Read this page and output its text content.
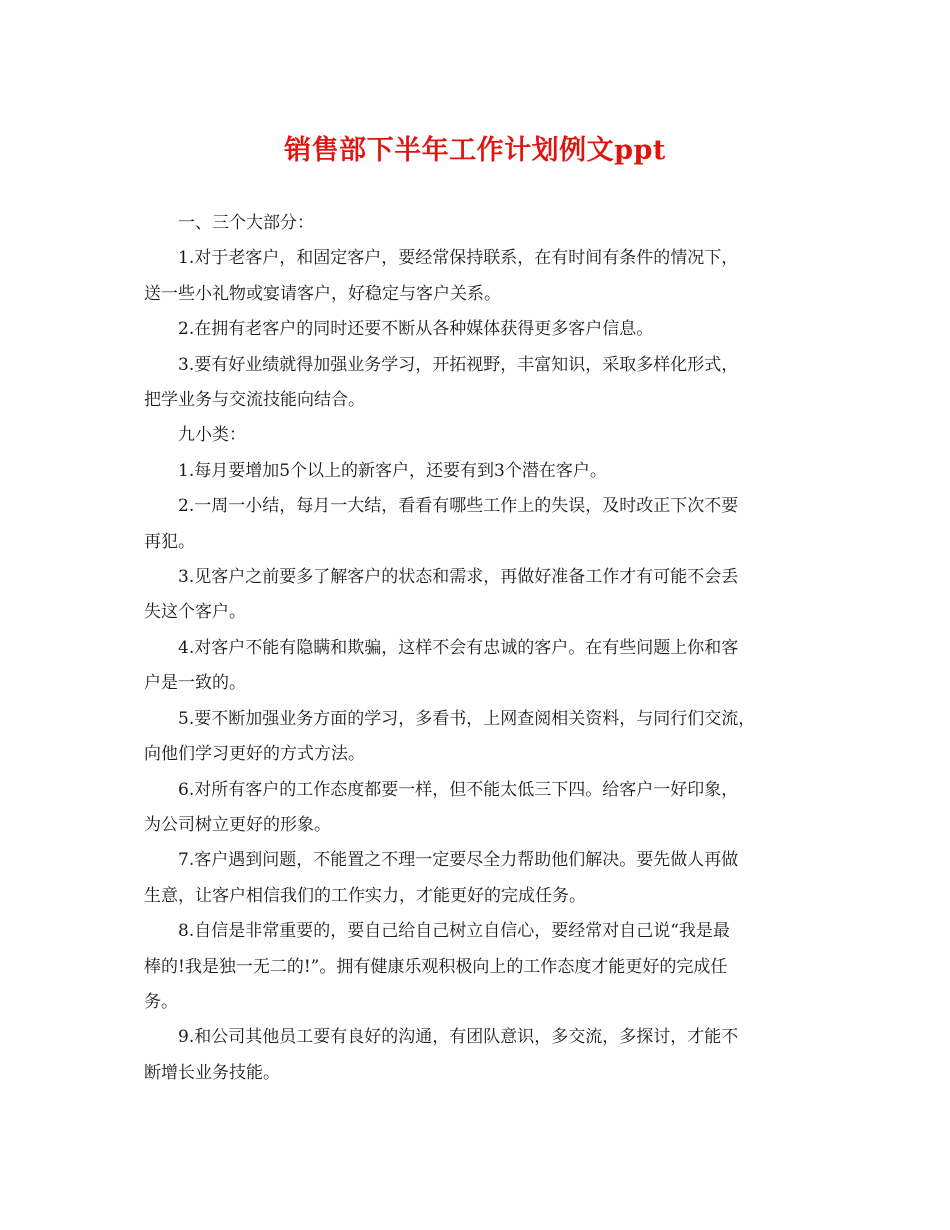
销售部下半年工作计划例文ppt

一、三个大部分：

1.对于老客户，和固定客户，要经常保持联系，在有时间有条件的情况下，
送一些小礼物或宴请客户，好稳定与客户关系。

2.在拥有老客户的同时还要不断从各种媒体获得更多客户信息。

3.要有好业绩就得加强业务学习，开拓视野，丰富知识，采取多样化形式，
把学业务与交流技能向结合。

九小类：

1.每月要增加5个以上的新客户，还要有到3个潜在客户。

2.一周一小结，每月一大结，看看有哪些工作上的失误，及时改正下次不要
再犯。

3.见客户之前要多了解客户的状态和需求，再做好准备工作才有可能不会丢
失这个客户。

4.对客户不能有隐瞒和欺骗，这样不会有忠诚的客户。在有些问题上你和客
户是一致的。

5.要不断加强业务方面的学习，多看书，上网查阅相关资料，与同行们交流，
向他们学习更好的方式方法。

6.对所有客户的工作态度都要一样，但不能太低三下四。给客户一好印象，
为公司树立更好的形象。

7.客户遇到问题，不能置之不理一定要尽全力帮助他们解决。要先做人再做
生意，让客户相信我们的工作实力，才能更好的完成任务。

8.自信是非常重要的，要自己给自己树立自信心，要经常对自己说“我是最
棒的!我是独一无二的!”。拥有健康乐观积极向上的工作态度才能更好的完成任
务。

9.和公司其他员工要有良好的沟通，有团队意识，多交流，多探讨，才能不
断增长业务技能。
